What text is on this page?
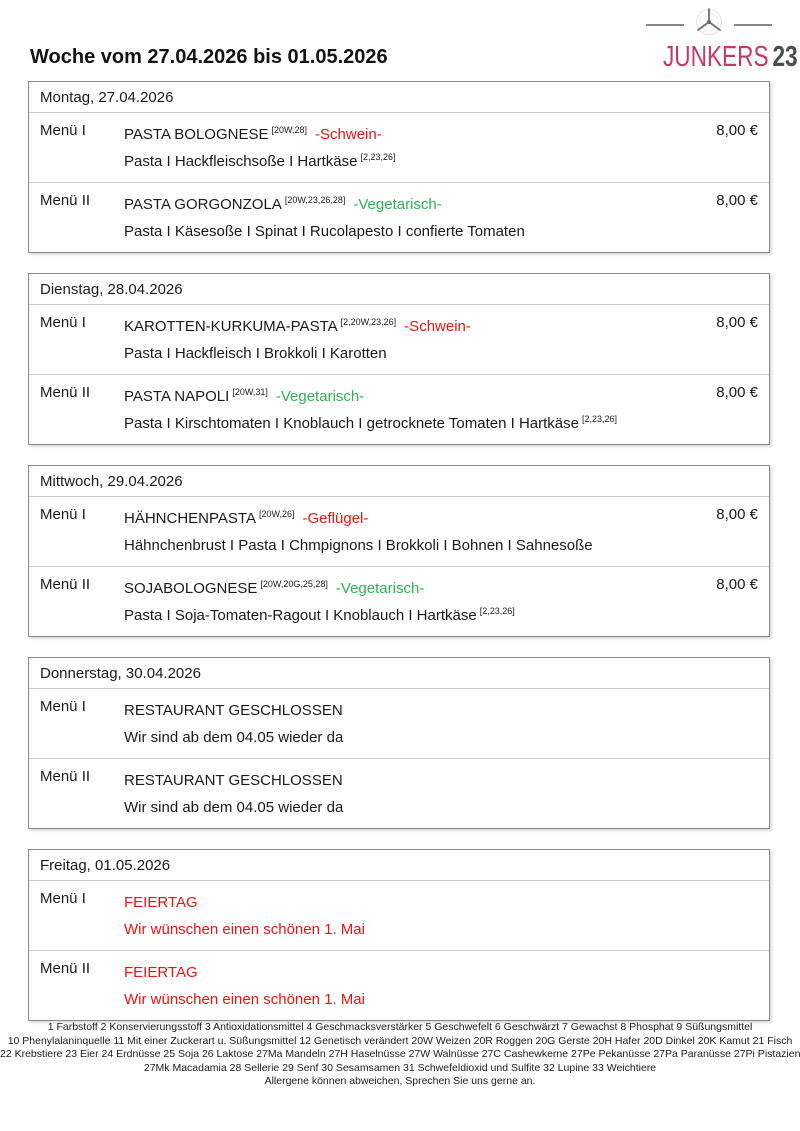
JUNKERS 23
Woche vom 27.04.2026 bis 01.05.2026
Montag, 27.04.2026
Menü I	PASTA BOLOGNESE [20W,28] -Schwein-
Pasta I Hackfleischsoße I Hartkäse [2,23,26]
8,00 €
Menü II	PASTA GORGONZOLA [20W,23,26,28] -Vegetarisch-
Pasta I Käsesoße I Spinat I Rucolapesto I confierte Tomaten
8,00 €
Dienstag, 28.04.2026
Menü I	KAROTTEN-KURKUMA-PASTA [2,20W,23,26] -Schwein-
Pasta I Hackfleisch I Brokkoli I Karotten
8,00 €
Menü II	PASTA NAPOLI [20W,31] -Vegetarisch-
Pasta I Kirschtomaten I Knoblauch I getrocknete Tomaten I Hartkäse [2,23,26]
8,00 €
Mittwoch, 29.04.2026
Menü I	HÄHNCHENPASTA [20W,26] -Geflügel-
Hähnchenbrust I Pasta I Chmpignons I Brokkoli I Bohnen I Sahnesoße
8,00 €
Menü II	SOJABOLOGNESE [20W,20G,25,28] -Vegetarisch-
Pasta I Soja-Tomaten-Ragout I Knoblauch I Hartkäse [2,23,26]
8,00 €
Donnerstag, 30.04.2026
Menü I	RESTAURANT GESCHLOSSEN
Wir sind ab dem 04.05 wieder da
Menü II	RESTAURANT GESCHLOSSEN
Wir sind ab dem 04.05 wieder da
Freitag, 01.05.2026
Menü I	FEIERTAG
Wir wünschen einen schönen 1. Mai
Menü II	FEIERTAG
Wir wünschen einen schönen 1. Mai
1 Farbstoff 2 Konservierungsstoff 3 Antioxidationsmittel 4 Geschmacksverstärker 5 Geschwefelt 6 Geschwärzt 7 Gewachst 8 Phosphat 9 Süßungsmittel
10 Phenylalaninquelle 11 Mit einer Zuckerart u. Süßungsmittel 12 Genetisch verändert 20W Weizen 20R Roggen 20G Gerste 20H Hafer 20D Dinkel 20K Kamut 21 Fisch
22 Krebstiere 23 Eier 24 Erdnüsse 25 Soja 26 Laktose 27Ma Mandeln 27H Haselnüsse 27W Walnüsse 27C Cashewkerne 27Pe Pekanüsse 27Pa Paranüsse 27Pi Pistazien
27Mk Macadamia 28 Sellerie 29 Senf 30 Sesamsamen 31 Schwefeldioxid und Sulfite 32 Lupine 33 Weichtiere
Allergene können abweichen, Sprechen Sie uns gerne an.
